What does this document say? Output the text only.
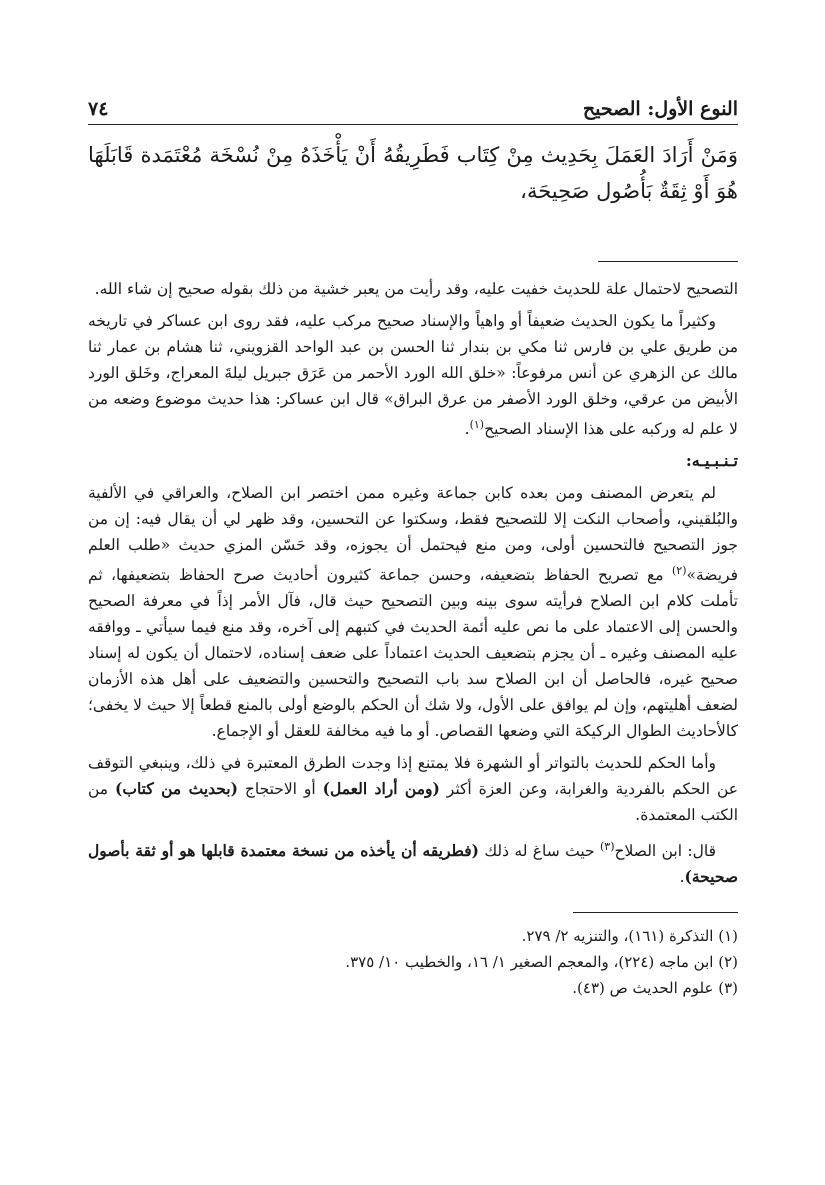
النوع الأول: الصحيح
٧٤
وَمَنْ أَرَادَ العَمَلَ بِحَدِيث مِنْ كِتَاب فَطَرِيقُهُ أَنْ يَأْخَذَهُ مِنْ نُسْخَة مُعْتَمَدة قَابَلَهَا هُوَ أَوْ ثِقَةٌ بَأُصُول صَحِيحَة،

التصحيح لاحتمال علة للحديث خفيت عليه، وقد رأيت من يعبر خشية من ذلك بقوله صحيح إن شاء الله.

وكثيراً ما يكون الحديث ضعيفاً أو واهياً والإسناد صحيح مركب عليه، فقد روى ابن عساكر في تاريخه من طريق علي بن فارس ثنا مكي بن بندار ثنا الحسن بن عبد الواحد القزويني، ثنا هشام بن عمار ثنا مالك عن الزهري عن أنس مرفوعاً: «خلق الله الورد الأحمر من عَرَق جبريل ليلةَ المعراج، وخَلق الورد الأبيض من عرقي، وخلق الورد الأصفر من عرق البراق» قال ابن عساكر: هذا حديث موضوع وضعه من لا علم له وركبه على هذا الإسناد الصحيح$^{(١)}$.

تـنـبـيـه:

لم يتعرض المصنف ومن بعده كابن جماعة وغيره ممن اختصر ابن الصلاح، والعراقي في الألفية والبُلقيني، وأصحاب النكت إلا للتصحيح فقط، وسكتوا عن التحسين، وقد ظهر لي أن يقال فيه: إن من جوز التصحيح فالتحسين أولى، ومن منع فيحتمل أن يجوزه، وقد حَسّن المزي حديث «طلب العلم فريضة»$^{(٢)}$ مع تصريح الحفاظ بتضعيفه، وحسن جماعة كثيرون أحاديث صرح الحفاظ بتضعيفها، ثم تأملت كلام ابن الصلاح فرأيته سوى بينه وبين التصحيح حيث قال، فآل الأمر إذاً في معرفة الصحيح والحسن إلى الاعتماد على ما نص عليه أئمة الحديث في كتبهم إلى آخره، وقد منع فيما سيأتي ـ ووافقه عليه المصنف وغيره ـ أن يجزم بتضعيف الحديث اعتماداً على ضعف إسناده، لاحتمال أن يكون له إسناد صحيح غيره، فالحاصل أن ابن الصلاح سد باب التصحيح والتحسين والتضعيف على أهل هذه الأزمان لضعف أهليتهم، وإن لم يوافق على الأول، ولا شك أن الحكم بالوضع أولى بالمنع قطعاً إلا حيث لا يخفى؛ كالأحاديث الطوال الركيكة التي وضعها القصاص. أو ما فيه مخالفة للعقل أو الإجماع.

وأما الحكم للحديث بالتواتر أو الشهرة فلا يمتنع إذا وجدت الطرق المعتبرة في ذلك، وينبغي التوقف عن الحكم بالفردية والغرابة، وعن العزة أكثر (ومن أراد العمل) أو الاحتجاج (بحديث من كتاب) من الكتب المعتمدة.

قال: ابن الصلاح$^{(٣)}$ حيث ساغ له ذلك (فطريقه أن يأخذه من نسخة معتمدة قابلها هو أو ثقة بأصول صحيحة).

(١) التذكرة (١٦١)، والتنزيه ٢/ ٢٧٩.
(٢) ابن ماجه (٢٢٤)، والمعجم الصغير ١/ ١٦، والخطيب ١٠/ ٣٧٥.
(٣) علوم الحديث ص (٤٣).
